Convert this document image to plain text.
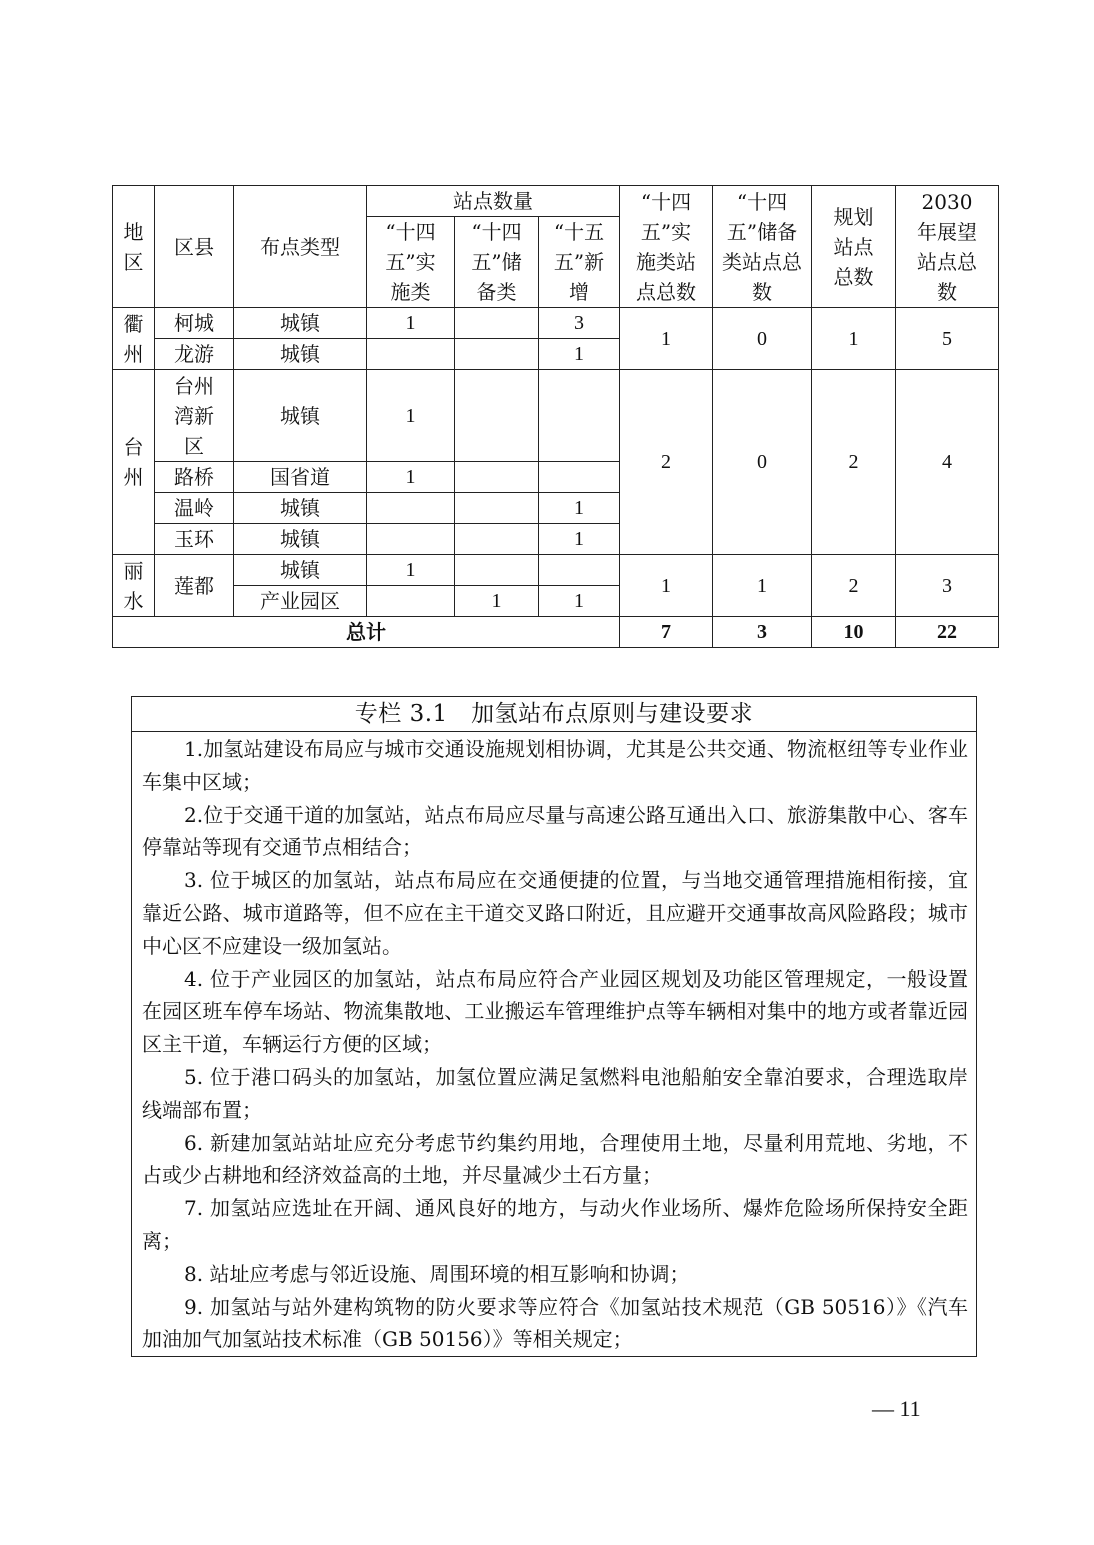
地区	区县	布点类型	站点数量			“十四五”实施类站点总数	“十四五”储备类站点总数	规划站点总数	2030 年展望站点总数

			“十四五”实施类	“十四五”储备类	“十五五”新增				

衢州	柯城	城镇	1		3	1	0	1	5
	龙游	城镇			1				
台州	台州湾新区	城镇	1			2	0	2	4
	路桥	国省道	1						
	温岭	城镇			1				
	玉环	城镇			1				
丽水	莲都	城镇	1			1	1	2	3
		产业园区		1	1				
总计						7	3	10	22
专栏 3.1　加氢站布点原则与建设要求

1.加氢站建设布局应与城市交通设施规划相协调，尤其是公共交通、物流枢纽等专业作业车集中区域；

2.位于交通干道的加氢站，站点布局应尽量与高速公路互通出入口、旅游集散中心、客车停靠站等现有交通节点相结合；

3. 位于城区的加氢站，站点布局应在交通便捷的位置，与当地交通管理措施相衔接，宜靠近公路、城市道路等，但不应在主干道交叉路口附近，且应避开交通事故高风险路段；城市中心区不应建设一级加氢站。

4. 位于产业园区的加氢站，站点布局应符合产业园区规划及功能区管理规定，一般设置在园区班车停车场站、物流集散地、工业搬运车管理维护点等车辆相对集中的地方或者靠近园区主干道，车辆运行方便的区域；

5. 位于港口码头的加氢站，加氢位置应满足氢燃料电池船舶安全靠泊要求，合理选取岸线端部布置；

6. 新建加氢站站址应充分考虑节约集约用地，合理使用土地，尽量利用荒地、劣地，不占或少占耕地和经济效益高的土地，并尽量减少土石方量；

7. 加氢站应选址在开阔、通风良好的地方，与动火作业场所、爆炸危险场所保持安全距离；

8. 站址应考虑与邻近设施、周围环境的相互影响和协调；

9. 加氢站与站外建构筑物的防火要求等应符合《加氢站技术规范（GB 50516）》《汽车加油加气加氢站技术标准（GB 50156）》等相关规定；

— 11
